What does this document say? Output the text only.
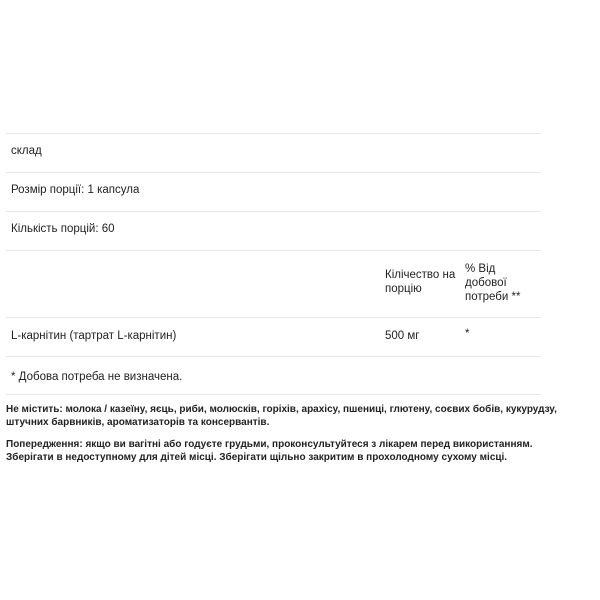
склад
Розмір порції: 1 капсула
Кількість порцій: 60
Кілічество на порцію
% Від добової потреби **
L-карнітин (тартрат L-карнітин)	500 мг	*
* Добова потреба не визначена.

Не містить: молока / казеїну, яєць, риби, молюсків, горіхів, арахісу, пшениці, глютену, соєвих бобів, кукурудзу, штучних барвників, ароматизаторів та консервантів.

Попередження: якщо ви вагітні або годуєте грудьми, проконсультуйтеся з лікарем перед використанням. Зберігати в недоступному для дітей місці. Зберігати щільно закритим в прохолодному сухому місці.
